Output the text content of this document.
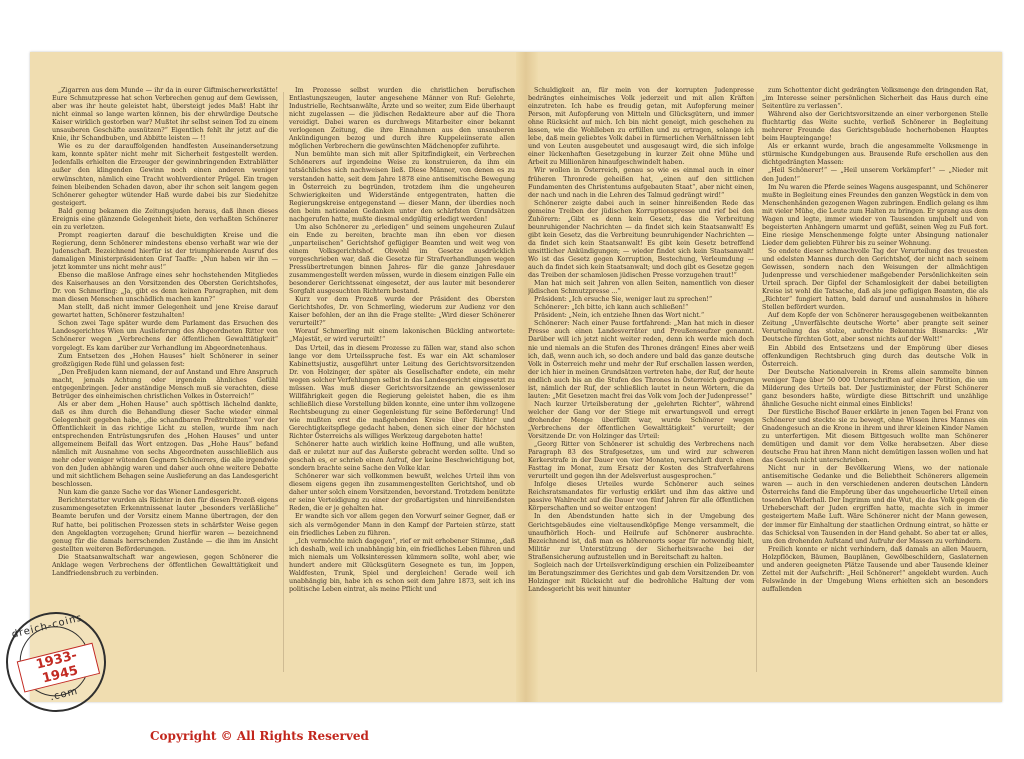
„Zigarren aus dem Munde — ihr da in eurer Giftmischerwerkstätte! Eure Schmutzpresse hat schon Verbrechen genug auf dem Gewissen, aber was ihr heute geleistet habt, übersteigt jedes Maß! Habt ihr nicht einmal so lange warten können, bis der ehrwürdige Deutsche Kaiser wirklich gestorben war? Mußtet ihr selbst seinen Tod zu einem unsauberen Geschäfte ausnützen?“ Eigentlich fehlt ihr jetzt auf die Knie, ihr Schandbuben, und Abbitte leisten — !!

Wie es zu der darauffolgenden handfesten Auseinandersetzung kam, konnte später nicht mehr mit Sicherheit festgestellt werden. Jedenfalls erhielten die Erzeuger der gewinnbringenden Extrablätter außer den klingenden Gewinn noch einen anderen weniger erwünschten, nämlich eine Tracht wohlverdienter Prügel. Ein tragen feinen bleibenden Schaden davon, aber ihr schon seit langem gegen Schönerer gehegter wütender Haß wurde dabei bis zur Siedehitze gesteigert.

Bald genug bekamen die Zeitungsjuden heraus, daß ihnen dieses Ereignis eine glänzende Gelegenheit biete, den verhaßten Schönerer ein zu verletzen.

Prompt reagierten darauf die beschuldigten Kreise und die Regierung, denn Schönerer mindestens ebenso verhaßt war wie der Judenschaft. Bezeichnend hierfür ist der triumphierende Ausruf des damaligen Ministerpräsidenten Graf Taaffe: „Nun haben wir ihn — jetzt kommter uns nicht mehr aus!“

Ebenso die maßlose Anfrage eines sehr hochstehenden Mitgliedes des Kaiserhauses an den Vorsitzenden des Obersten Gerichtshofes, Dr. von Schmerling: „Ja, gibt es denn keinen Paragraphen, mit dem man diesen Menschen unschädlich machen kann?“

Man stellt, daß nicht immer Gelegenheit und jene Kreise darauf gewartet hatten, Schönerer festzuhalten!

Schon zwei Tage später wurde dem Parlament das Ersuchen des Landesgerichtes Wien um Auslieferung des Abgeordneten Ritter von Schönerer wegen „Verbrechens der öffentlichen Gewalttätigkeit“ vorgelegt. Es kam darüber zur Verhandlung im Abgeordnetenhaus.

Zum Entsetzen des „Hohen Hauses“ hielt Schönerer in seiner großzügigen Rede fühl und gelassen fest:

„Den Preßjuden kann niemand, der auf Anstand und Ehre Anspruch macht, jemals Achtung oder irgendein ähnliches Gefühl entgegenbringen. Jeder anständige Mensch muß sie verachten, diese Betrüger des einheimischen christlichen Volkes in Österreich!“

Als er aber dem „Hohen Hause“ auch spöttisch lächelnd dankte, daß es ihm durch die Behandlung dieser Sache wieder einmal Gelegenheit gegeben habe, „die schandbaren Preßtrebitzen“ vor der Öffentlichkeit in das richtige Licht zu stellen, wurde ihm nach entsprechenden Entrüstungsrufen des „Hohen Hauses“ und unter allgemeinem Beifall das Wort entzogen. Das „Hohe Haus“ befand nämlich mit Ausnahme von sechs Abgeordneten ausschließlich aus mehr oder weniger wütenden Gegnern Schönerers, die alle irgendwie von den Juden abhängig waren und daher auch ohne weitere Debatte und mit sichtlichem Behagen seine Auslieferung an das Landesgericht beschlossen.

Nun kam die ganze Sache vor das Wiener Landesgericht.

Berichterstatter wurden als Richter in den für diesen Prozeß eigens zusammengesetzten Erkenntnissenat lauter „besonders verläßliche“ Beamte berufen und der Vorsitz einem Manne übertragen, der den Ruf hatte, bei politischen Prozessen stets in schärfster Weise gegen den Angeklagten vorzugehen; Grund hierfür waren — bezeichnend genug für die damals herrschenden Zustände — die ihm im Ansicht gestellten weiteren Beförderungen.

Die Staatsanwaltschaft war angewiesen, gegen Schönerer die Anklage wegen Verbrechens der öffentlichen Gewalttätigkeit und Landfriedensbruch zu verbinden.

Im Prozesse selbst wurden die christlichen berufischen Entlastungszeugen, lauter angesehene Männer von Ruf: Gelehrte, Industrielle, Rechtsanwälte, Ärzte und so weiter, zum Eide überhaupt nicht zugelassen — die jüdischen Redakteure aber auf die Thora vereidigt. Dabei waren es durchwegs Mitarbeiter einer bekannt verlogenen Zeitung, die ihre Einnahmen aus den unsauberen Ankündigungen bezog und durch ihre Kuppeleiinserate allen möglichen Verbrechern die gewünschten Mädchenopfer zuführte.

Nun bemühte man sich mit aller Spitzfindigkeit, ein Verbrechen Schönerers auf irgendeine Weise zu konstruieren, da ihm ein tatsächliches sich nachweisen ließ. Diese Männer, von denen es zu verstanden hatte, seit dem Jahre 1878 eine antisemitische Bewegung in Österreich zu begründen, trotzdem ihm die ungeheuren Schwierigkeiten und Widerstände entgegentraten, hatten die Regierungskreise entgegenstand — dieser Mann, der überdies noch den beim nationalen Gedanken unter den schärfsten Grundsätzen nachgerufen hatte, mußte diesmal endgültig erledigt werden!

Um also Schönerer zu „erledigen“ und seinem ungeheuren Zulauf ein Ende zu bereiten, brachte man ihn eben vor diesen „unparteiischen“ Gerichtshof gefügiger Beamten und weit weg von einem Volksgerichtshof. Obwohl im Gesetze ausdrücklich vorgeschrieben war, daß die Gesetze für Strafverhandlungen wegen Pressübertretungen binnen Jahres- für die ganze Jahresdauer zusammengestellt werden müssen, wurde in diesem einzigen Falle ein besonderer Gerichtssenat eingesetzt, der aus lauter mit besonderer Sorgfalt ausgesuchten Richtern bestand.

Kurz vor dem Prozeß wurde der Präsident des Obersten Gerichtshofes, Dr. von Schmerling, wiederum zur Audienz vor den Kaiser befohlen, der an ihn die Frage stellte: „Wird dieser Schönerer verurteilt?“

Worauf Schmerling mit einem lakonischen Bückling antwortete: „Majestät, er wird verurteilt!“

Das Urteil, das in diesem Prozesse zu fällen war, stand also schon lange vor dem Urteilsspruche fest. Es war ein Akt schamloser Kabinettsjustiz, ausgeführt unter Leitung des Gerichtsvorsitzenden Dr. von Holzinger, der später als Gesellschafter endete, ein mehr wegen solcher Verfehlungen selbst in das Landesgericht eingesetzt zu müssen. Was muß dieser Gerichtsvorsitzende an gewissenloser Willfährigkeit gegen die Regierung geleistet haben, die es ihm schließlich diese Vorstellung bilden konnte, eine unter ihm vollzogene Rechtsbeugung zu einer Gegenleistung für seine Beförderung! Und wie mußten erst die maßgebenden Kreise über Richter und Gerechtigkeitspflege gedacht haben, denen sich einer der höchsten Richter Österreichs als williges Werkzeug dargeboten hatte!

Schönerer hatte auch wirklich keine Hoffnung, und alle wußten, daß er zuletzt nur auf das Äußerste gebracht werden sollte. Und so geschah es, er schrieb einen Aufruf, der keine Beschwichtigung bot, sondern brachte seine Sache den Volke klar.

Schönerer war sich vollkommen bewußt, welches Urteil ihm von diesem eigens gegen ihn zusammengestellten Gerichtshof, und ob daher unter solch einem Vorsitzenden, bevorstand. Trotzdem benützte er seine Verteidigung zu einer der großartigsten und hinreißendsten Reden, die er je gehalten hat.

Er wandte sich vor allem gegen den Vorwurf seiner Gegner, daß er sich als vermögender Mann in den Kampf der Parteien stürze, statt ein friedliches Leben zu führen.

„Ich vermöchte mich dagegen“, rief er mit erhobener Stimme, „daß ich deshalb, weil ich unabhängig bin, ein friedliches Leben führen und mich niemals um Volksinteressen kümmern sollte, wohl aber, wie hundert andere mit Glücksgütern Gesegnete es tun, im Joppen, Waldfesten, Trunk, Spiel und dergleichen! Gerade weil ich unabhängig bin, habe ich es schon seit dem Jahre 1873, seit ich ins politische Leben eintrat, als meine Pflicht und

Schuldigkeit an, für mein von der korrupten Judenpresse bedrängtes einheimisches Volk jederzeit und mit allen Kräften einzutreten. Ich habe es freudig getan, mit Aufopferung meiner Person, mit Aufopferung von Mitteln und Glücksgütern, und immer ohne Rücksicht auf mich. Ich bin nicht geneigt, mich geschehen zu lassen, wie die Wohlleben zu erfüllen und zu ertragen, solange ich lebe, daß mein geliebtes Volk dabei in fürmerlichen Verhältnissen lebt und von Leuten ausgebeutet und ausgesaugt wird, die sich infolge einer lückenhaften Gesetzgebung in kurzer Zeit ohne Mühe und Arbeit zu Millionären hinaufgeschwindelt haben.

Wir wollen in Österreich, genau so wie es einmal auch in einer früheren Thronrede geheißen hat, „einen auf den sittlichen Fundamenten des Christentums aufgebauten Staat“, aber nicht einen, der nach und nach in die Lehren des Talmud gedrängt wird!“

Schönerer zeigte dabei auch in seiner hinreißenden Rede das gemeine Treiben der jüdischen Korruptionspresse und rief bei den Zuhörern: „Gibt es denn kein Gesetz, das die Verbreitung beunruhigender Nachrichten — da findet sich kein Staatsanwalt! Es gibt kein Gesetz, das die Verbreitung beunruhigender Nachrichten — da findet sich kein Staatsanwalt! Es gibt kein Gesetz betreffend unsittlicher Ankündigungen; — wieder findet sich kein Staatsanwalt! Wo ist das Gesetz gegen Korruption, Bestechung, Verleumdung — auch da findet sich kein Staatsanwalt; und doch gibt es Gesetze gegen das Treiben der schamlosen jüdischen Presse vorzugehen traut!“

Man hat mich seit Jahren von allen Seiten, namentlich von dieser jüdischen Schmutzpresse ...“

Präsident: „Ich ersuche Sie, weniger laut zu sprechen!“

Schönerer: „Ich bitte, ich kann auch schließen!“

Präsident: „Nein, ich entziehe Ihnen das Wort nicht.“

Schönerer: Nach einer Pause fortfahrend: „Man hat mich in dieser Presse auch einen Landesverräter und Preußenseufzer genannt. Darüber will ich jetzt nicht weiter reden, denn ich werde mich doch nie und niemals an die Stufen des Thrones drängen! Eines aber weiß ich, daß, wenn auch ich, so doch andere und bald das ganze deutsche Volk in Österreich mehr und mehr der Ruf erschallen lassen werden, der ich hier in meinen Grundsätzen vertreten habe, der Ruf, der heute endlich auch bis an die Stufen des Thrones in Österreich gedrungen ist, nämlich der Ruf, der schließlich lautet in neun Wörtern, die da lauten: „Mit Gesetzen macht frei das Volk vom Joch der Judenpresse!“

Nach kurzer Urteilsberatung der „gelehrten Richter“, während welcher der Gang vor der Stiege mit erwartungsvoll und erregt drohender Menge überfüllt war, wurde Schönerer wegen „Verbrechens der öffentlichen Gewalttätigkeit“ verurteilt; der Vorsitzende Dr. von Holzinger das Urteil:

„Georg Ritter von Schönerer ist schuldig des Verbrechens nach Paragraph 83 des Strafgesetzes, um und wird zur schweren Kerkerstrafe in der Dauer von vier Monaten, verschärft durch einen Fasttag im Monat, zum Ersatz der Kosten des Strafverfahrens verurteilt und gegen ihn der Adelsverlust ausgesprochen.“

Infolge dieses Urteiles wurde Schönerer auch seines Reichsratsmandates für verlustig erklärt und ihm das aktive und passive Wahlrecht auf die Dauer von fünf Jahren für alle öffentlichen Körperschaften und so weiter entzogen!

In den Abendstunden hatte sich in der Umgebung des Gerichtsgebäudes eine vieltausendköpfige Menge versammelt, die unaufhörlich Hoch- und Heilrufe auf Schönerer ausbrachte. Bezeichnend ist, daß man es höherenorts sogar für notwendig hielt, Militär zur Unterstützung der Sicherheitswache bei der Straßensicherung aufzustellen und in Bereitschaft zu halten.

Sogleich nach der Urteilsverkündigung erschien ein Polizeibeamter im Beratungszimmer des Gerichtes und gab dem Vorsitzenden Dr. von Holzinger mit Rücksicht auf die bedrohliche Haltung der vom Landesgericht bis weit hinunter

zum Schottentor dicht gedrängten Volksmenge den dringenden Rat, „im Interesse seiner persönlichen Sicherheit das Haus durch eine Seitentüre zu verlassen“.

Während also der Gerichtsvorsitzende an einer verborgenen Stelle fluchtartig das Weite suchte, verließ Schönerer in Begleitung mehrerer Freunde das Gerichtsgebäude hocherhobenen Hauptes beim Haupteingange!

Als er erkannt wurde, brach die angesammelte Volksmenge in stürmische Kundgebungen aus. Brausende Rufe erschollen aus den dichtgedrängten Massen:

„Heil Schönerer!“ — „Heil unserem Vorkämpfer!“ — „Nieder mit den Juden!“

Im Nu waren die Pferde seines Wagens ausgespannt, und Schönerer mußte in Begleitung eines Freundes den ganzen Wegstück in dem von Menschenhänden gezogenen Wagen zubringen. Endlich gelang es ihm mit vieler Mühe, die Leute zum Halten zu bringen. Er sprang aus dem Wagen und legte, immer wieder von Tausenden umjubelt und von begeisterten Anhängern umarmt und gefüßt, seinen Weg zu Fuß fort. Eine riesige Menschenmenge folgte unter Absingung nationaler Lieder dem geliebten Führer bis zu seiner Wohnung.

So endete dieser schmachvolle Tag der Verurteilung des treuesten und edelsten Mannes durch den Gerichtshof, der nicht nach seinem Gewissen, sondern nach den Weisungen der allmächtigen Judenpresse und verschiedener maßgebender Persönlichkeiten sein Urteil sprach. Der Gipfel der Schamlosigkeit der dabei beteiligten Kreise ist wohl die Tatsache, daß als jene gefügigen Beamten, die als „Richter“ fungiert hatten, bald darauf und ausnahmslos in höhere Stellen befördert wurden.

Auf dem Kopfe der von Schönerer herausgegebenen weitbekannten Zeitung „Unverfälschte deutsche Worte“ aber prangte seit seiner Verurteilung das stolze, aufrechte Bekenntnis Bismarcks: „Wir Deutsche fürchten Gott, aber sonst nichts auf der Welt!“

Ein Abbild des Entsetzens und der Empörung über dieses offenkundigen Rechtsbruch ging durch das deutsche Volk in Österreich.

Der Deutsche Nationalverein in Krems allein sammelte binnen weniger Tage über 50 000 Unterschriften auf einer Petition, die um Milderung des Urteils bat. Der Justizminister, der Fürst Schönerer ganz besonders haßte, würdigte diese Bittschrift und unzählige ähnliche Gesuche nicht einmal eines Einblicks!

Der fürstliche Bischof Bauer erklärte in jenen Tagen bei Franz von Schönerer und steckte sie zu bewegt, ohne Wissen ihres Mannes ein Gnadengesuch an die Krone in ihrem und ihrer kleinen Kinder Namen zu unterfertigen. Mit diesem Bittgesuch wollte man Schönerer demütigen und damit vor dem Volke herabsetzen. Aber diese deutsche Frau hat ihren Mann nicht demütigen lassen wollen und hat das Gesuch nicht unterschrieben.

Nicht nur in der Bevölkerung Wiens, wo der nationale antisemitische Gedanke und die Beliebtheit Schönerers allgemein waren — auch in den verschiedenen anderen deutschen Ländern Österreichs fand die Empörung über das ungeheuerliche Urteil einen tosenden Widerhall. Der Ingrimm und die Wut, die das Volk gegen die Urheberschaft der Juden ergriffen hatte, machte sich in immer gesteigertem Maße Luft. Wäre Schönerer nicht der Mann gewesen, der immer für Einhaltung der staatlichen Ordnung eintrat, so hätte er das Schicksal von Tausenden in der Hand gehabt. So aber tat er alles, um den drohenden Aufstand und Aufruhr der Massen zu verhindern.

Freilich konnte er nicht verhindern, daß damals an allen Mauern, Holzpflöcken, Bäumen, Bauplänen, Gewölbeschildern, Gaslaternen und anderen geeigneten Plätze Tausende und aber Tausende kleiner Zettel mit der Aufschrift: „Heil Schönerer!“ angeklebt wurden. Auch Felswände in der Umgebung Wiens erhielten sich an besonders auffallenden

dreich-coins
1933-1945
.com
Copyright © All Rights Reserved
